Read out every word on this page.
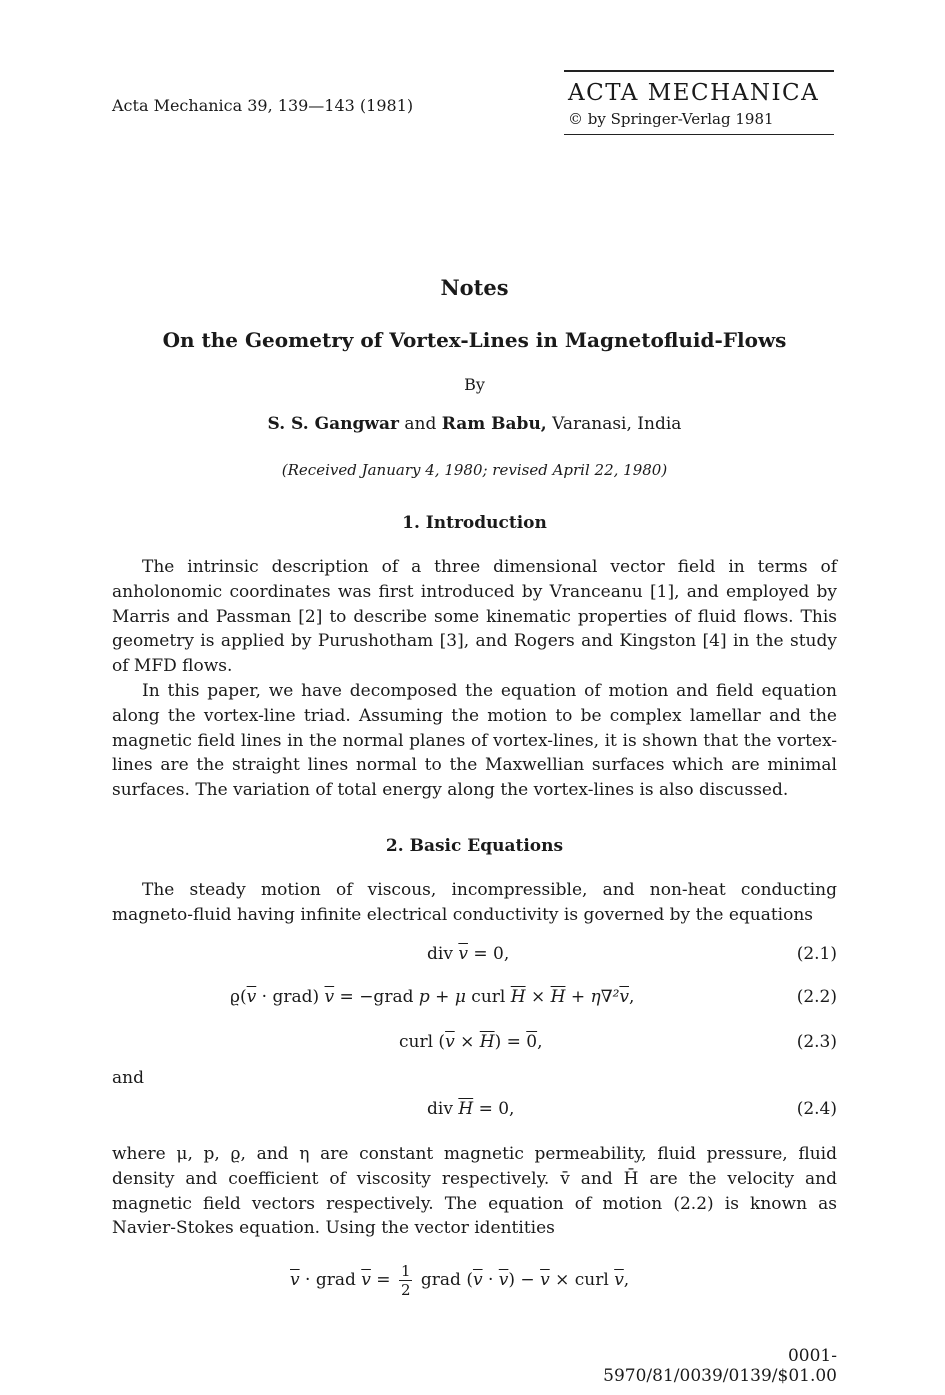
Acta Mechanica 39, 139—143 (1981)	ACTA MECHANICA
© by Springer-Verlag 1981
Notes
On the Geometry of Vortex-Lines in Magnetofluid-Flows
By
S. S. Gangwar and Ram Babu, Varanasi, India
(Received January 4, 1980; revised April 22, 1980)
1. Introduction

The intrinsic description of a three dimensional vector field in terms of anholonomic coordinates was first introduced by Vranceanu [1], and employed by Marris and Passman [2] to describe some kinematic properties of fluid flows. This geometry is applied by Purushotham [3], and Rogers and Kingston [4] in the study of MFD flows.

In this paper, we have decomposed the equation of motion and field equation along the vortex-line triad. Assuming the motion to be complex lamellar and the magnetic field lines in the normal planes of vortex-lines, it is shown that the vortex-lines are the straight lines normal to the Maxwellian surfaces which are minimal surfaces. The variation of total energy along the vortex-lines is also discussed.

2. Basic Equations

The steady motion of viscous, incompressible, and non-heat conducting magneto-fluid having infinite electrical conductivity is governed by the equations

div $\overline{v} = 0$,	(2.1)
$ϱ(\overline{v}$ · grad) $\overline{v}$ = −grad p + μ curl $\overline{H} \times \overline{H} + \eta\nabla^2\overline{v}$,	(2.2)
curl $(\overline{v} \times \overline{H}) = 0$,	(2.3)
and
div $\overline{H} = 0$,	(2.4)

where μ, p, ϱ, and η are constant magnetic permeability, fluid pressure, fluid density and coefficient of viscosity respectively. v̄ and H̄ are the velocity and magnetic field vectors respectively. The equation of motion (2.2) is known as Navier-Stokes equation. Using the vector identities

$\overline{v}$ · grad $\overline{v} = \frac{1}{2}$ grad $(\overline{v} \cdot \overline{v}) - \overline{v}$ × curl $\overline{v}$,
0001-5970/81/0039/0139/$01.00
